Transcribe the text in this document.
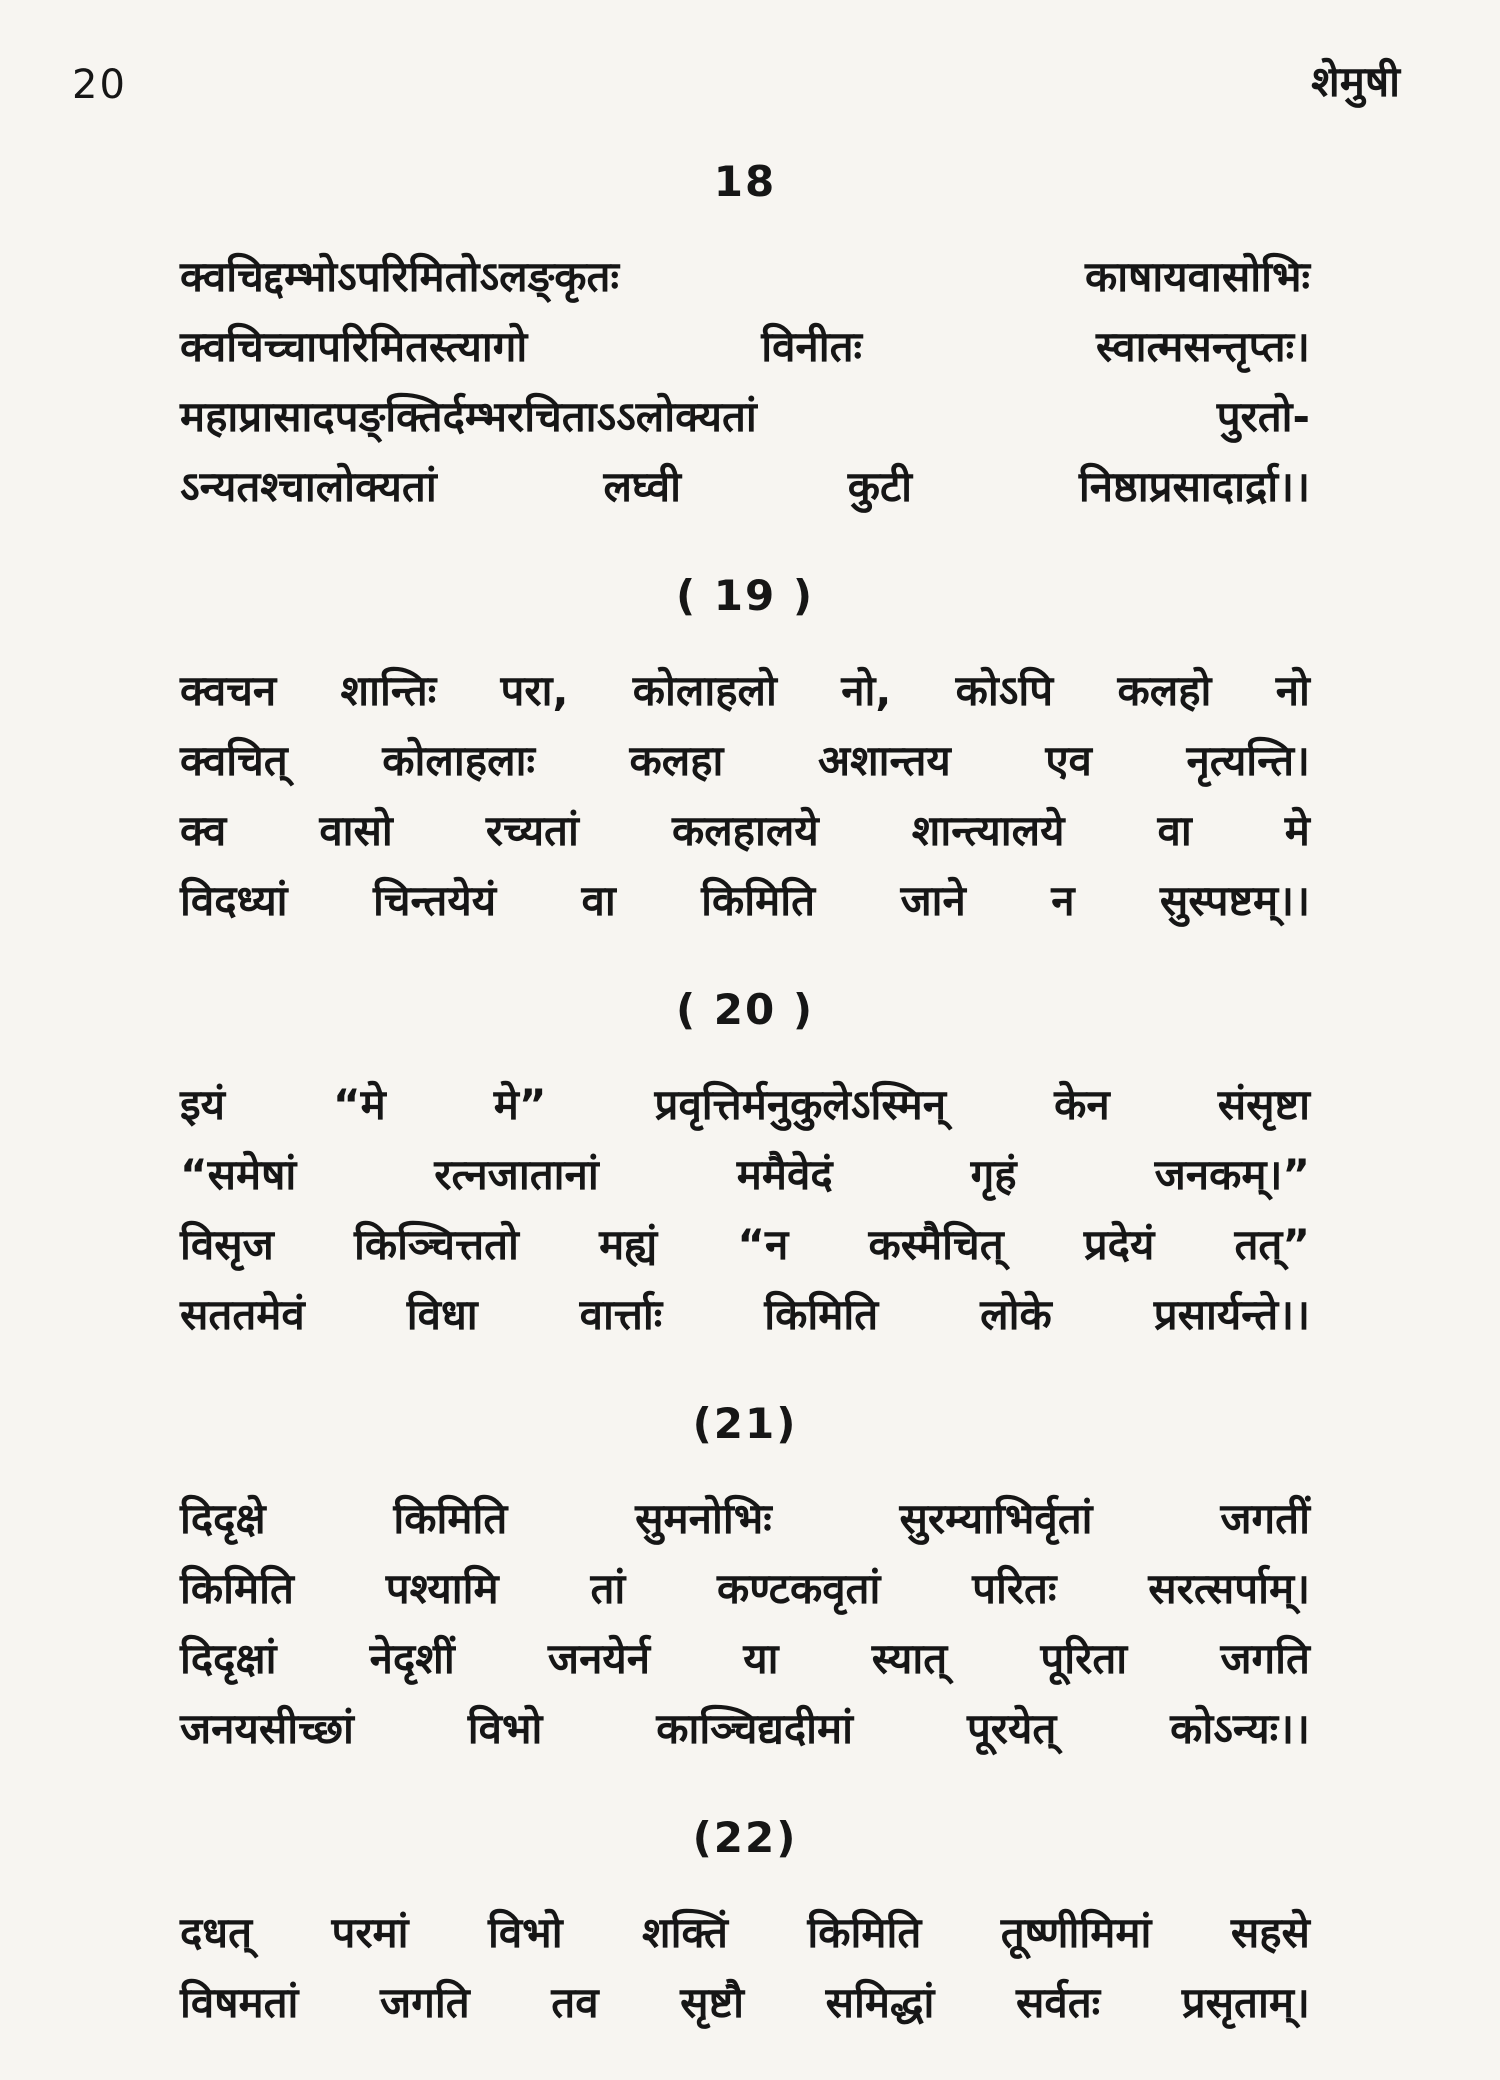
20	शेमुषी
18
क्वचिद्दम्भोऽपरिमितोऽलङ्कृतः	काषायवासोभिः
क्वचिच्चापरिमितस्त्यागो	विनीतः	स्वात्मसन्तृप्तः।
महाप्रासादपङ्क्तिर्दम्भरचिताऽऽलोक्यतां	पुरतो-
ऽन्यतश्चालोक्यतां	लघ्वी	कुटी	निष्ठाप्रसादार्द्रा।।
( 19 )
क्वचन शान्तिः परा, कोलाहलो नो, कोऽपि कलहो नो
क्वचित् कोलाहलाः कलहा अशान्तय एव नृत्यन्ति।
क्व वासो रच्यतां कलहालये शान्त्यालये वा मे
विदध्यां चिन्तयेयं वा किमिति जाने न सुस्पष्टम्।।
( 20 )
इयं	“मे	मे”	प्रवृत्तिर्मनुकुलेऽस्मिन्	केन	संसृष्टा
“समेषां	रत्नजातानां	ममैवेदं	गृहं	जनकम्।”
विसृज किञ्चित्ततो मह्यं “न कस्मैचित् प्रदेयं तत्”
सततमेवं विधा वार्त्ताः किमिति लोके प्रसार्यन्ते।।
(21)
दिदृक्षे	किमिति	सुमनोभिः	सुरम्याभिर्वृतां	जगतीं
किमिति पश्यामि तां कण्टकवृतां परितः सरत्सर्पाम्।
दिदृक्षां नेदृशीं जनयेर्न या स्यात् पूरिता जगति
जनयसीच्छां	विभो	काञ्चिद्यदीमां	पूरयेत्	कोऽन्यः।।
(22)
दधत् परमां विभो शक्तिं किमिति तूष्णीमिमां सहसे
विषमतां जगति तव सृष्टौ समिद्धां सर्वतः प्रसृताम्।
